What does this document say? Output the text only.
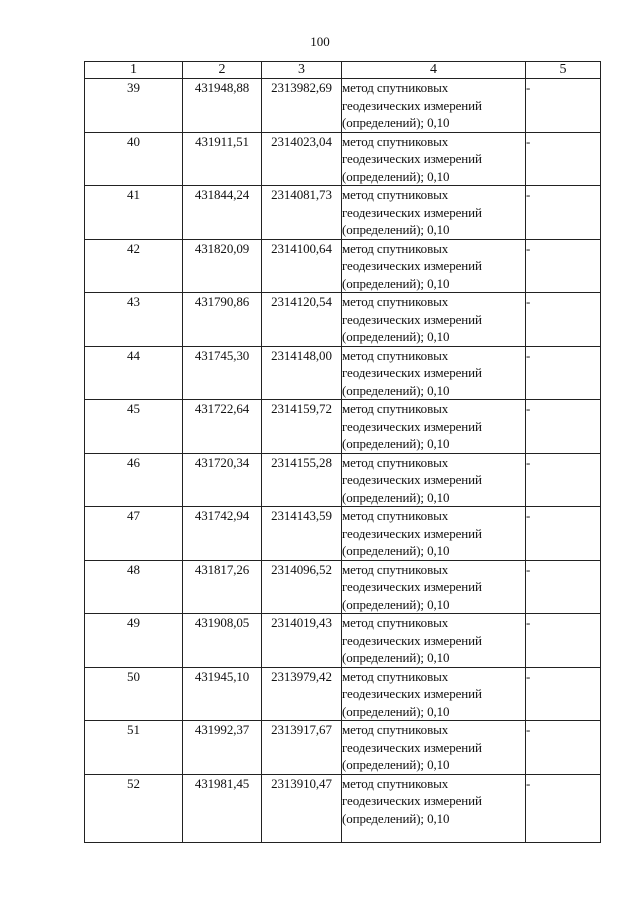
100
1	2	3	4	5
39	431948,88	2313982,69	метод спутниковых
геодезических измерений
(определений); 0,10	-
40	431911,51	2314023,04	метод спутниковых
геодезических измерений
(определений); 0,10	-
41	431844,24	2314081,73	метод спутниковых
геодезических измерений
(определений); 0,10	-
42	431820,09	2314100,64	метод спутниковых
геодезических измерений
(определений); 0,10	-
43	431790,86	2314120,54	метод спутниковых
геодезических измерений
(определений); 0,10	-
44	431745,30	2314148,00	метод спутниковых
геодезических измерений
(определений); 0,10	-
45	431722,64	2314159,72	метод спутниковых
геодезических измерений
(определений); 0,10	-
46	431720,34	2314155,28	метод спутниковых
геодезических измерений
(определений); 0,10	-
47	431742,94	2314143,59	метод спутниковых
геодезических измерений
(определений); 0,10	-
48	431817,26	2314096,52	метод спутниковых
геодезических измерений
(определений); 0,10	-
49	431908,05	2314019,43	метод спутниковых
геодезических измерений
(определений); 0,10	-
50	431945,10	2313979,42	метод спутниковых
геодезических измерений
(определений); 0,10	-
51	431992,37	2313917,67	метод спутниковых
геодезических измерений
(определений); 0,10	-
52	431981,45	2313910,47	метод спутниковых
геодезических измерений
(определений); 0,10	-
